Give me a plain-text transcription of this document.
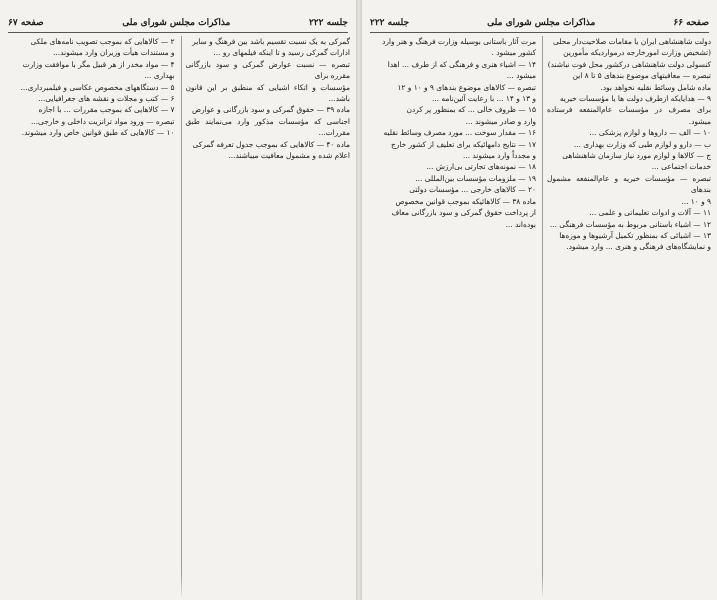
جلسه ۲۲۲
مذاکرات مجلس شورای ملی
صفحه ۶۷

گمرکی به یک نسبت تقسیم باشد بین فرهنگ و سایر

ادارات گمرکی رسید و تا اینکه فیلمهای رو ...

تبصره — نسبت عوارض گمرکی و سود بازرگانی مقرره برای

مؤسسات و اتکاء اشیایی که منطبق بر این قانون باشد...

ماده ۳۹ — حقوق گمرکی و سود بازرگانی و عوارض

اجناسی که مؤسسات مذکور وارد می‌نمایند طبق مقررات...

ماده ۴۰ — کالاهایی که بموجب جدول تعرفه گمرکی

اعلام شده و مشمول معافیت میباشند...

۲ — کالاهایی که بموجب تصویب نامه‌های ملکی

و مستندات هیأت وزیران وارد میشوند...

۴ — مواد مخدر از هر قبیل مگر با موافقت وزارت

بهداری ...

۵ — دستگاههای مخصوص عکاسی و فیلمبرداری...

۶ — کتب و مجلات و نقشه های جغرافیایی...

۷ — کالاهایی که بموجب مقررات ... با اجازه

تبصره — ورود مواد ترانزیت داخلی و خارجی...

۱۰ — کالاهایی که طبق قوانین خاص وارد میشوند.

صفحه ۶۶
مذاکرات مجلس شورای ملی
جلسه ۲۲۲

دولت شاهنشاهی ایران یا مقامات صلاحیت‌دار محلی

(تشخیص وزارت امورخارجه درمواردیکه مأمورین

کنسولی دولت شاهنشاهی درکشور محل فوت نباشند)

تبصره — معافیتهای موضوع بندهای ۵ تا ۸ این

ماده شامل وسائط نقلیه نخواهد بود.

۹ — هدایایکه ازطرف دولت ها یا مؤسسات خیریه

برای مصرف در مؤسسات عام‌المنفعه فرستاده میشود.

۱۰ — الف — داروها و لوازم پزشکی ...

ب — دارو و لوازم طبی که وزارت بهداری ...

ج — کالاها و لوازم مورد نیاز سازمان شاهنشاهی

خدمات اجتماعی ...

تبصره — مؤسسات خیریه و عام‌المنفعه مشمول بندهای

۹ و ۱۰ ...

۱۱ — آلات و ادوات تعلیماتی و علمی ...

۱۲ — اشیاء باستانی مربوط به مؤسسات فرهنگی ...

۱۳ — اشیائی که بمنظور تکمیل آرشیوها و موزه‌ها

و نمایشگاه‌های فرهنگی و هنری ... وارد میشود.

مرت آثار باستانی بوسیله وزارت فرهنگ و هنر وارد

کشور میشود .

۱۴ — اشیاء هنری و فرهنگی که از طرف ... اهدا

میشود ...

تبصره — کالاهای موضوع بندهای ۹ و ۱۰ و ۱۲

و ۱۳ و ۱۴ ... با رعایت آئین‌نامه ...

۱۵ — ظروف خالی ... که بمنظور پر کردن

وارد و صادر میشوند ...

۱۶ — مقدار سوخت ... مورد مصرف وسائط نقلیه

۱۷ — نتایج دامهائیکه برای تعلیف از کشور خارج

و مجدداً وارد میشوند ...

۱۸ — نمونه‌های تجارتی بی‌ارزش ...

۱۹ — ملزومات مؤسسات بین‌المللی ...

۲۰ — کالاهای خارجی ... مؤسسات دولتی

ماده ۳۸ — کالاهائیکه بموجب قوانین مخصوص

از پرداخت حقوق گمرکی و سود بازرگانی معاف

بوده‌اند ...
